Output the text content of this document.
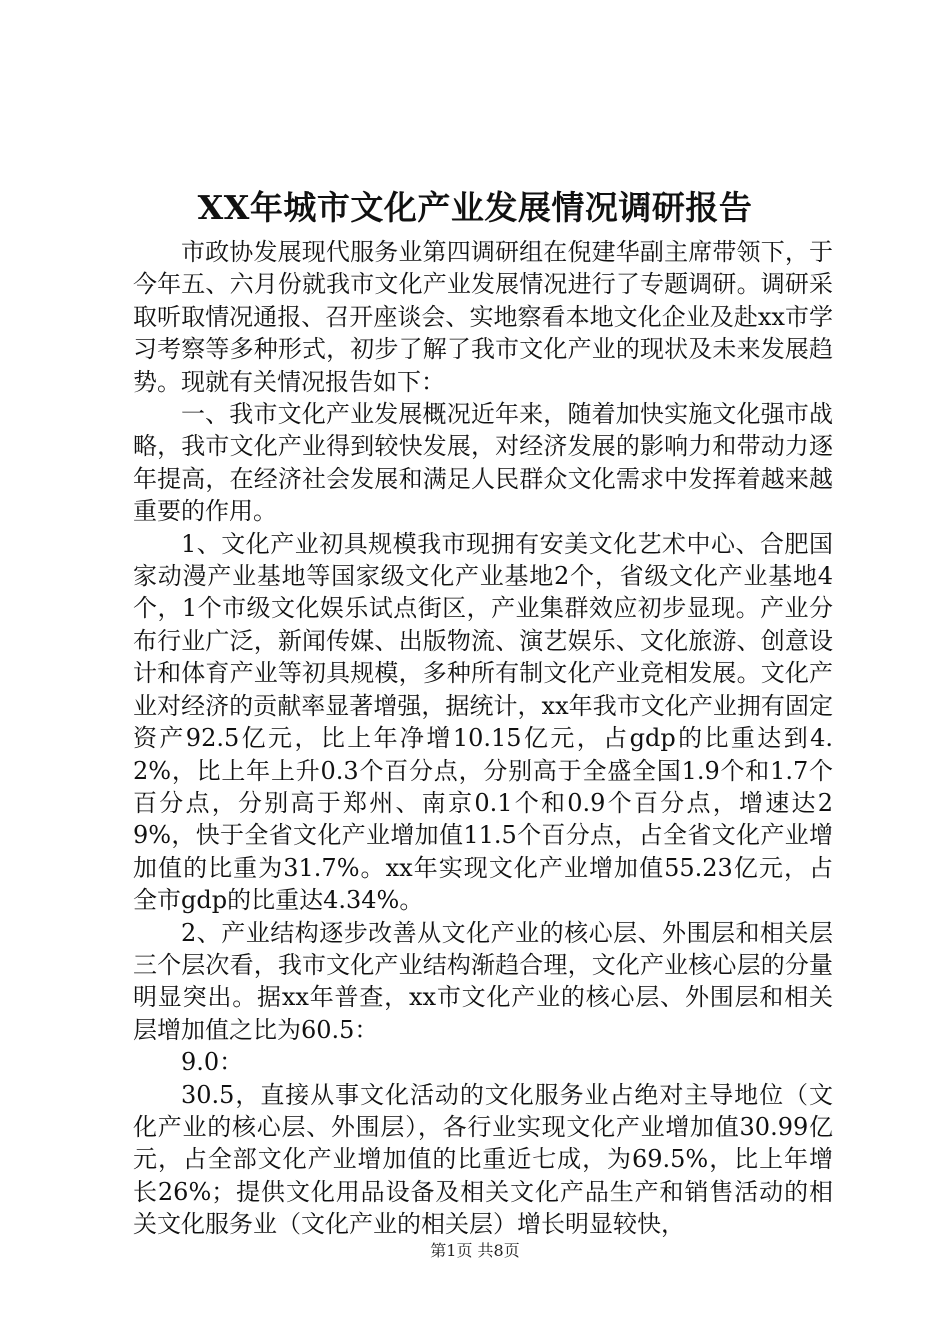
XX年城市文化产业发展情况调研报告

市政协发展现代服务业第四调研组在倪建华副主席带领下，于今年五、六月份就我市文化产业发展情况进行了专题调研。调研采取听取情况通报、召开座谈会、实地察看本地文化企业及赴xx市学习考察等多种形式，初步了解了我市文化产业的现状及未来发展趋势。现就有关情况报告如下：

一、我市文化产业发展概况近年来，随着加快实施文化强市战略，我市文化产业得到较快发展，对经济发展的影响力和带动力逐年提高，在经济社会发展和满足人民群众文化需求中发挥着越来越重要的作用。

1、文化产业初具规模我市现拥有安美文化艺术中心、合肥国家动漫产业基地等国家级文化产业基地2个，省级文化产业基地4个，1个市级文化娱乐试点街区，产业集群效应初步显现。产业分布行业广泛，新闻传媒、出版物流、演艺娱乐、文化旅游、创意设计和体育产业等初具规模，多种所有制文化产业竞相发展。文化产业对经济的贡献率显著增强，据统计，xx年我市文化产业拥有固定资产92.5亿元，比上年净增10.15亿元，占gdp的比重达到4.2%，比上年上升0.3个百分点，分别高于全盛全国1.9个和1.7个百分点，分别高于郑州、南京0.1个和0.9个百分点，增速达29%，快于全省文化产业增加值11.5个百分点，占全省文化产业增加值的比重为31.7%。xx年实现文化产业增加值55.23亿元，占全市gdp的比重达4.34%。

2、产业结构逐步改善从文化产业的核心层、外围层和相关层三个层次看，我市文化产业结构渐趋合理，文化产业核心层的分量明显突出。据xx年普查，xx市文化产业的核心层、外围层和相关层增加值之比为60.5：

9.0：

30.5，直接从事文化活动的文化服务业占绝对主导地位（文化产业的核心层、外围层），各行业实现文化产业增加值30.99亿元，占全部文化产业增加值的比重近七成，为69.5%，比上年增长26%；提供文化用品设备及相关文化产品生产和销售活动的相关文化服务业（文化产业的相关层）增长明显较快，

第1页 共8页
